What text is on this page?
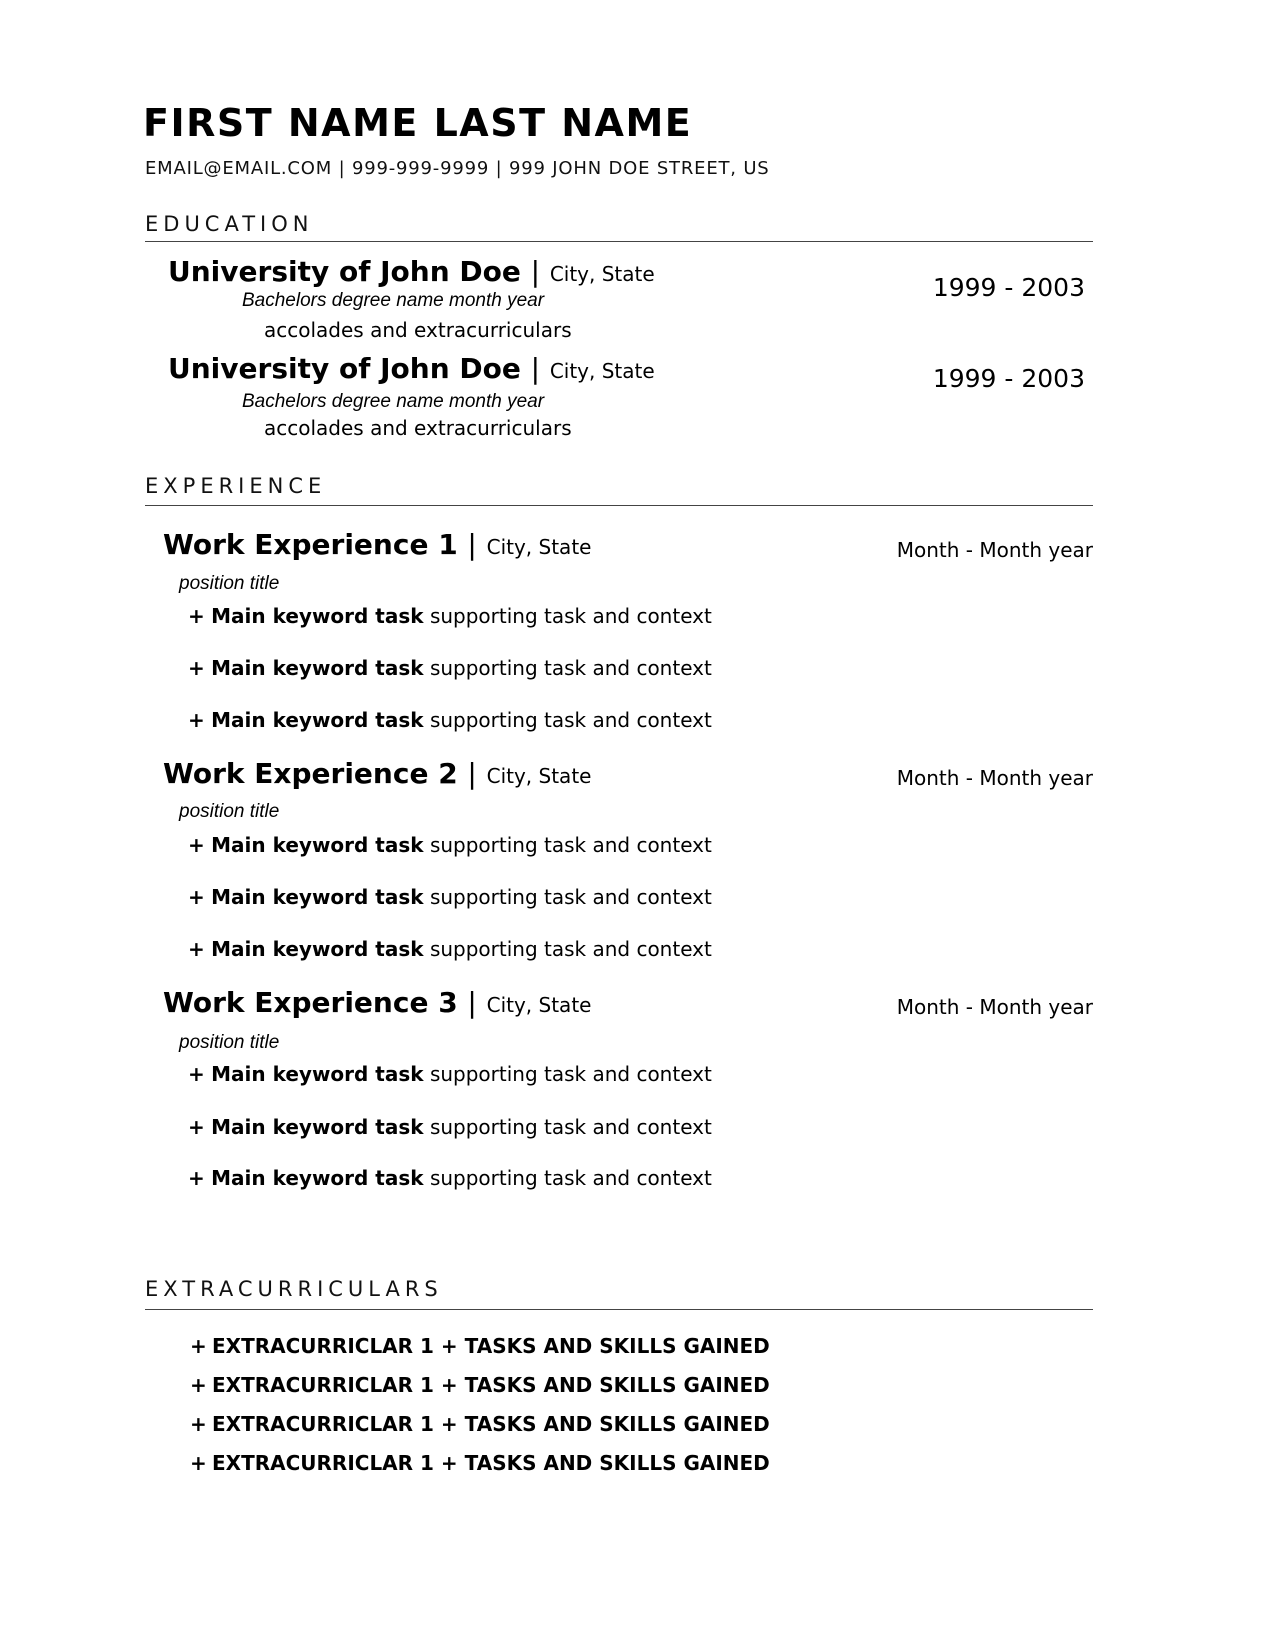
FIRST NAME LAST NAME
EMAIL@EMAIL.COM | 999-999-9999 | 999 JOHN DOE STREET, US
EDUCATION
University of John Doe | City, State
Bachelors degree name month year
accolades and extracurriculars
1999 - 2003
University of John Doe | City, State
Bachelors degree name month year
accolades and extracurriculars
1999 - 2003
EXPERIENCE
Work Experience 1 | City, State	Month - Month year
position title
+ Main keyword task supporting task and context
+ Main keyword task supporting task and context
+ Main keyword task supporting task and context
Work Experience 2 | City, State	Month - Month year
position title
+ Main keyword task supporting task and context
+ Main keyword task supporting task and context
+ Main keyword task supporting task and context
Work Experience 3 | City, State	Month - Month year
position title
+ Main keyword task supporting task and context
+ Main keyword task supporting task and context
+ Main keyword task supporting task and context
EXTRACURRICULARS
+ EXTRACURRICLAR 1 + TASKS AND SKILLS GAINED
+ EXTRACURRICLAR 1 + TASKS AND SKILLS GAINED
+ EXTRACURRICLAR 1 + TASKS AND SKILLS GAINED
+ EXTRACURRICLAR 1 + TASKS AND SKILLS GAINED
